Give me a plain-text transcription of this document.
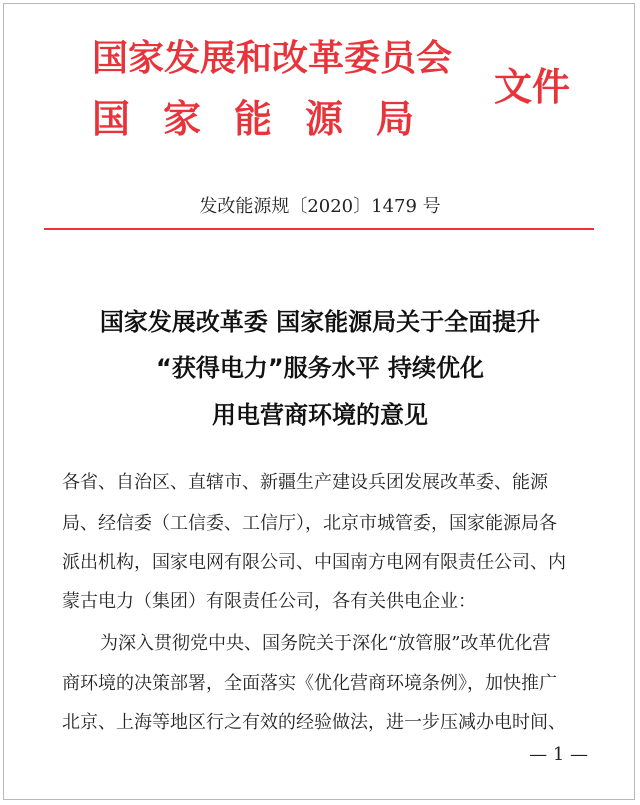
国家发展和改革委员会
国家能源局
文件
发改能源规〔2020〕1479 号
国家发展改革委 国家能源局关于全面提升
“获得电力”服务水平 持续优化
用电营商环境的意见
各省、自治区、直辖市、新疆生产建设兵团发展改革委、能源
局、经信委（工信委、工信厅），北京市城管委，国家能源局各
派出机构，国家电网有限公司、中国南方电网有限责任公司、内
蒙古电力（集团）有限责任公司，各有关供电企业：
为深入贯彻党中央、国务院关于深化“放管服”改革优化营
商环境的决策部署，全面落实《优化营商环境条例》，加快推广
北京、上海等地区行之有效的经验做法，进一步压减办电时间、
— 1 —
